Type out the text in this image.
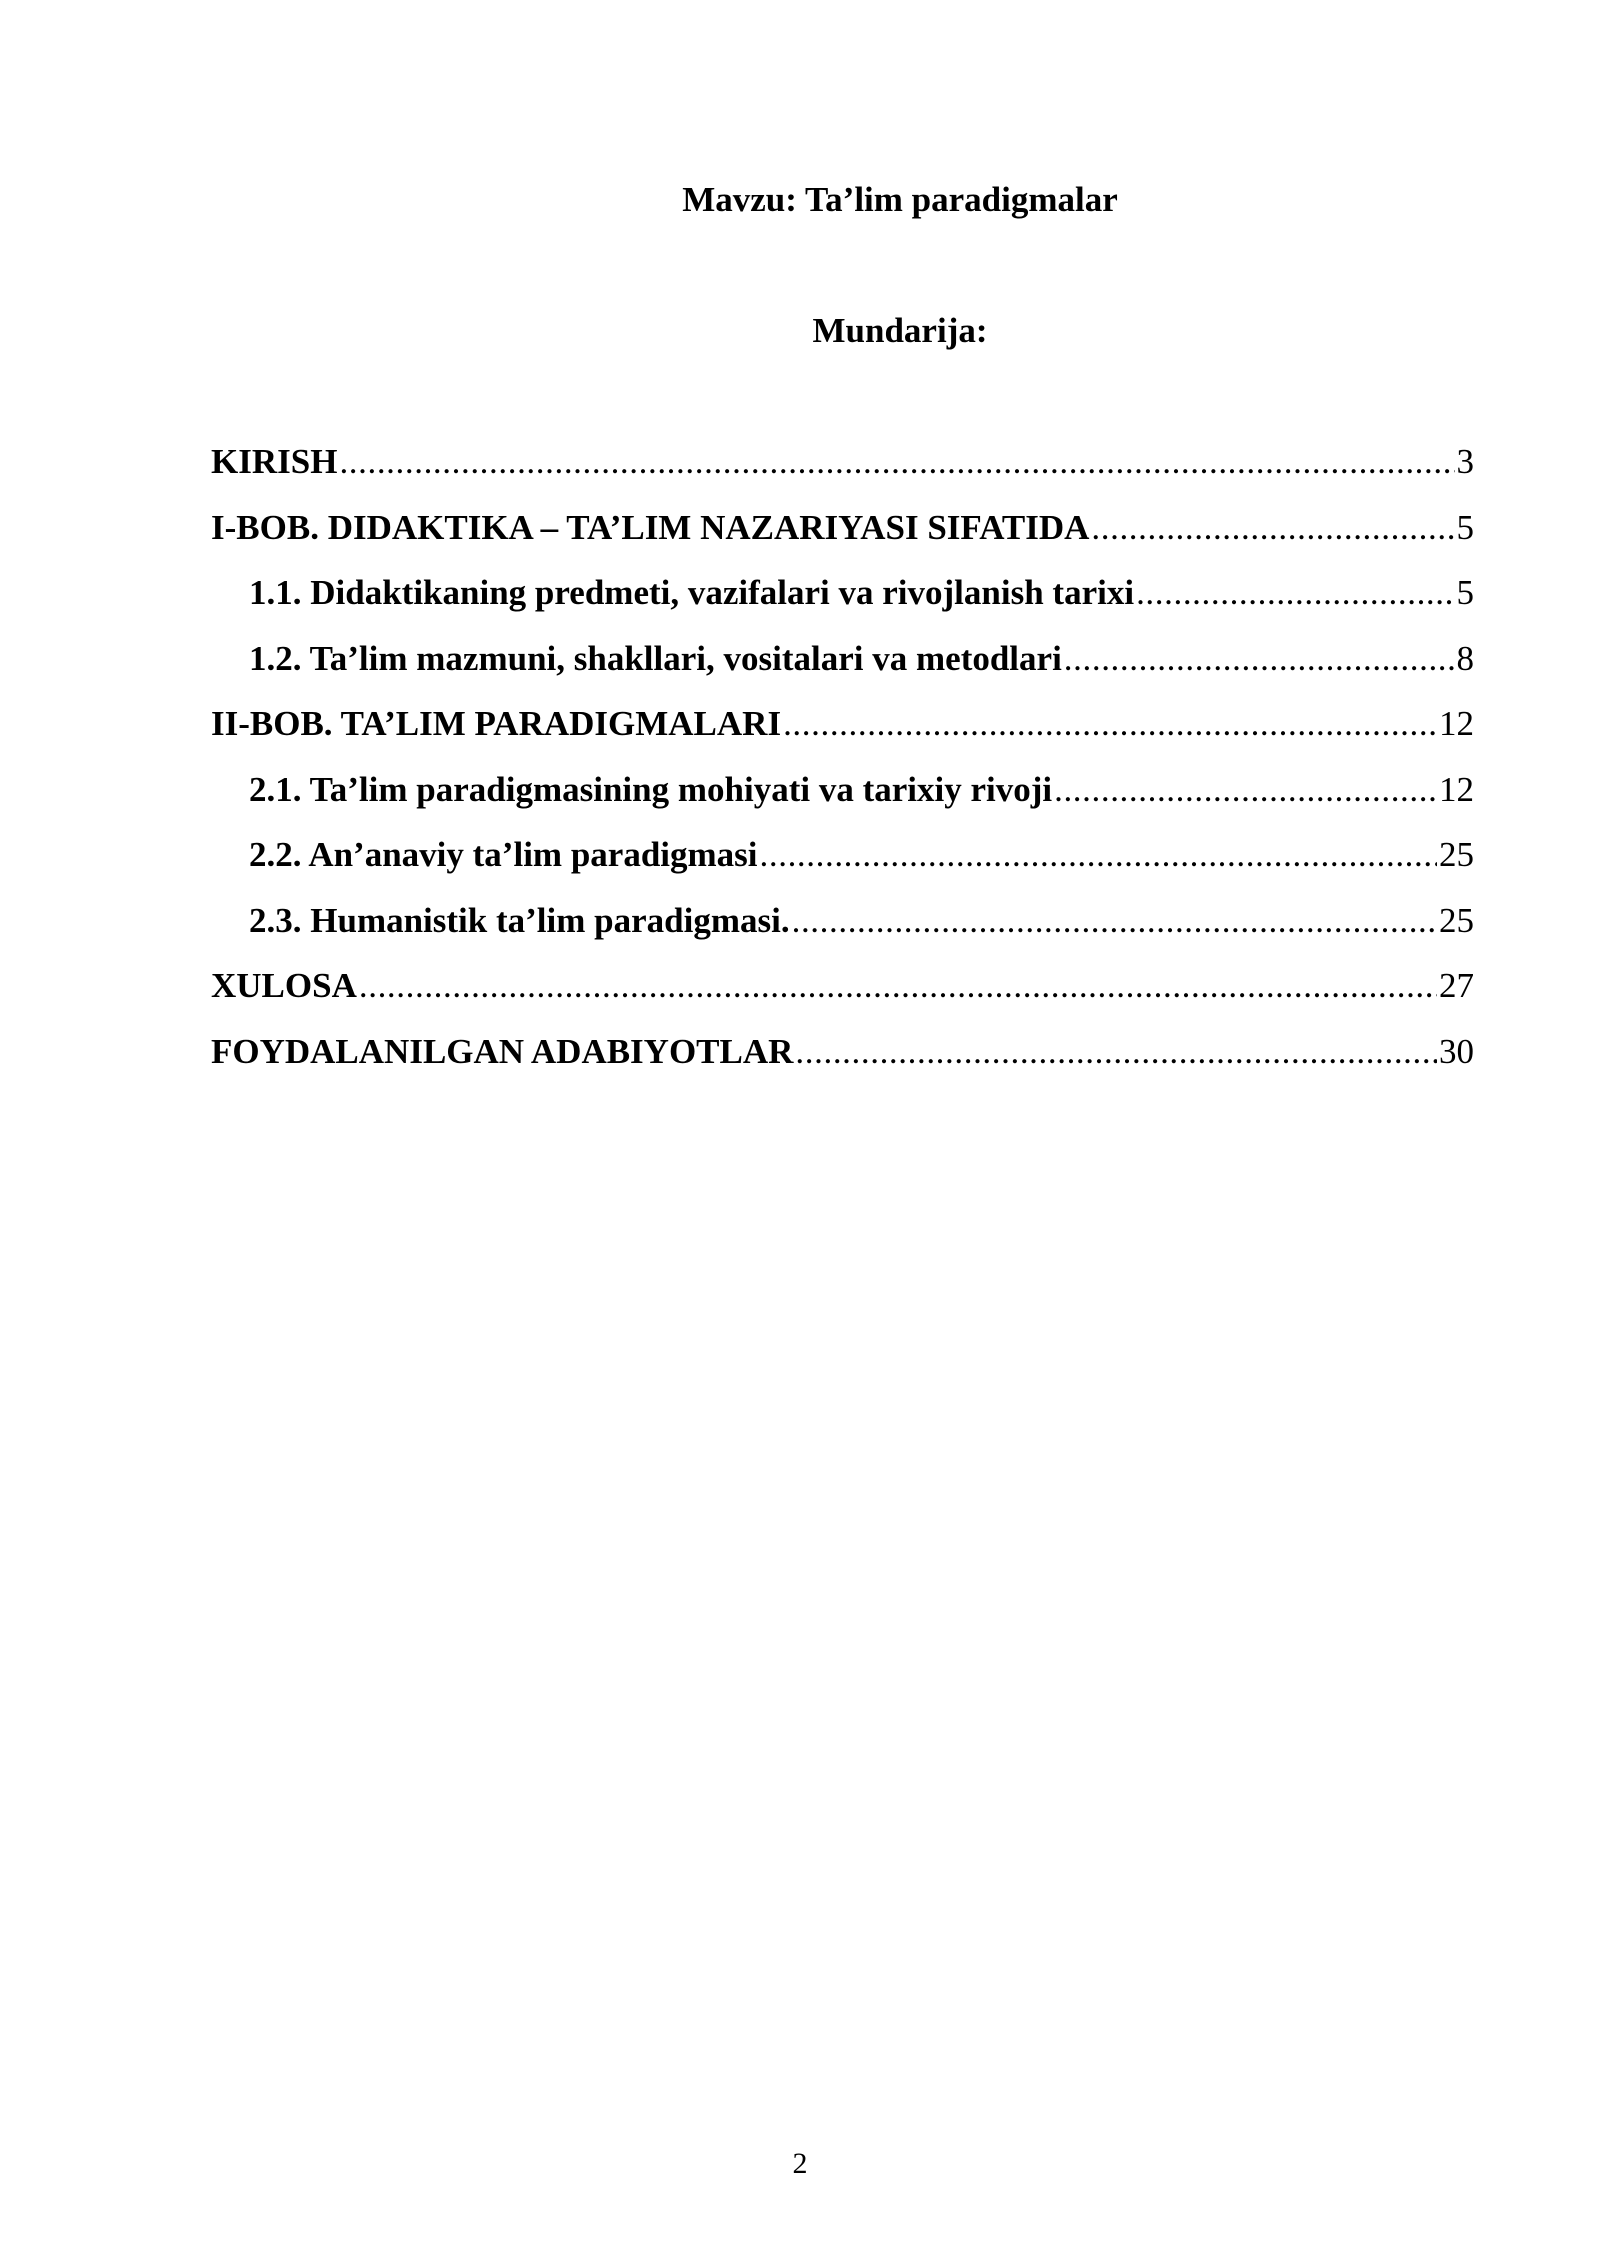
Mavzu: Ta’lim paradigmalar
Mundarija:
KIRISH .....	3
I-BOB. DIDAKTIKA – TA’LIM NAZARIYASI SIFATIDA .....	5
1.1. Didaktikaning predmeti, vazifalari va rivojlanish tarixi .....	5
1.2. Ta’lim mazmuni, shakllari, vositalari va metodlari .....	8
II-BOB. TA’LIM PARADIGMALARI .....	12
2.1. Ta’lim paradigmasining mohiyati va tarixiy rivoji .....	12
2.2. An’anaviy ta’lim paradigmasi .....	25
2.3. Humanistik ta’lim paradigmasi. .....	25
XULOSA .....	27
FOYDALANILGAN ADABIYOTLAR .....	30
2
